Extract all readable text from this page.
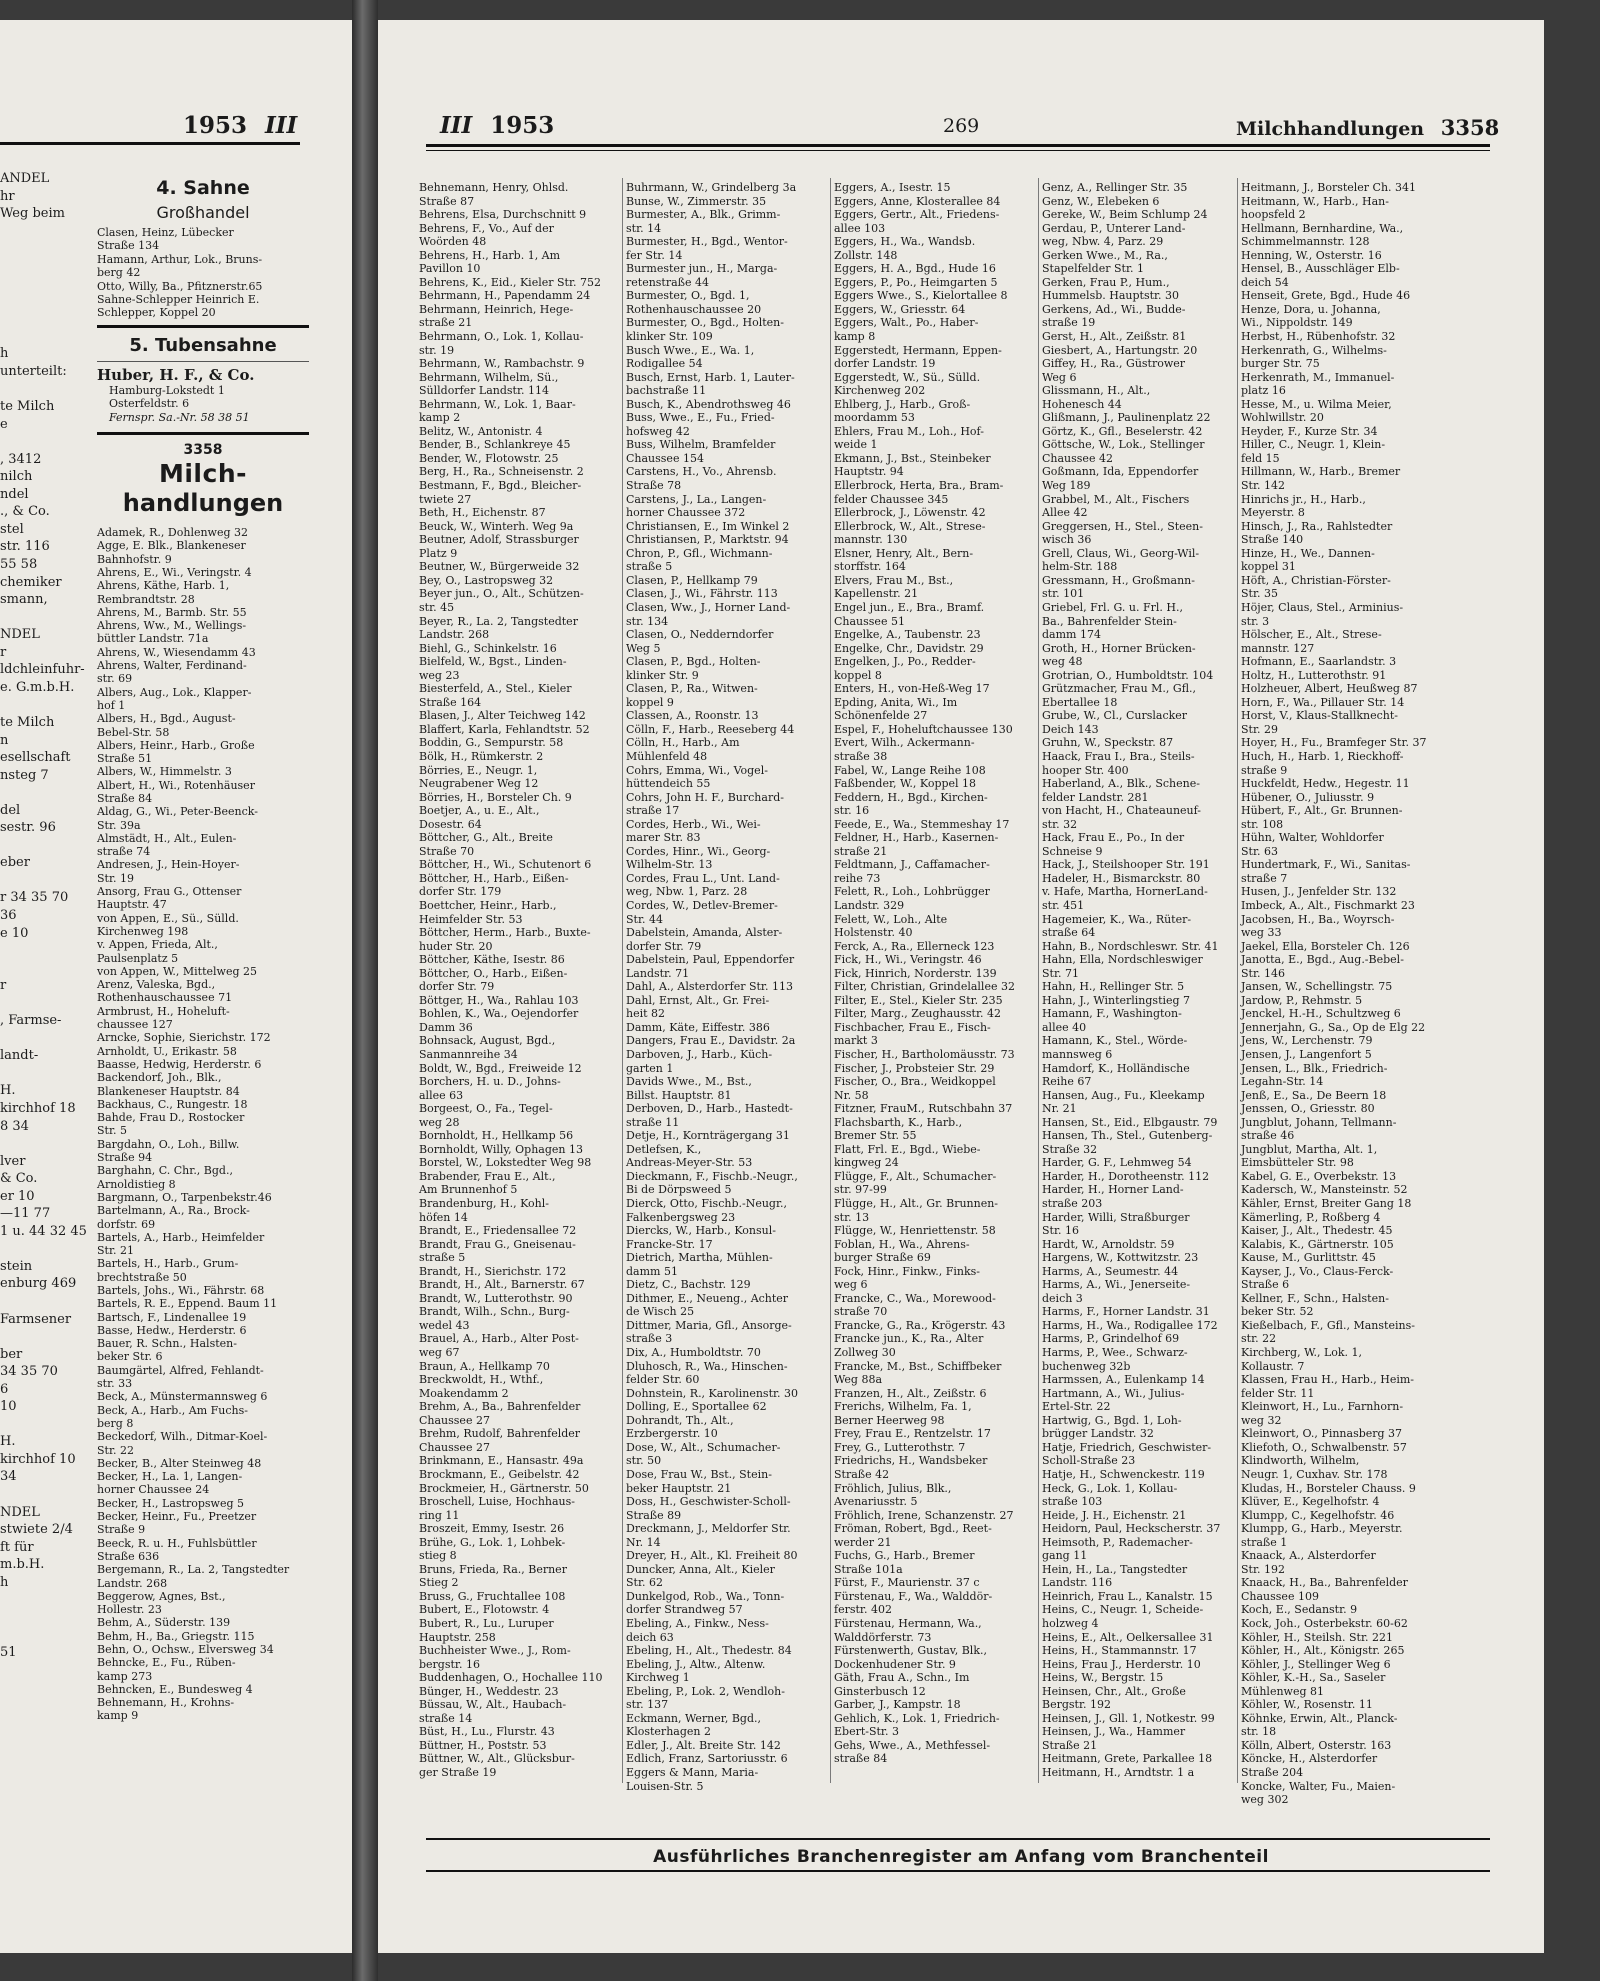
1953 III
ANDEL
hr
Weg beim

h
unterteilt:

te Milch
e

, 3412
nilch
ndel
., & Co.
stel
str. 116
55 58
chemiker
smann,

NDEL
r
ldchleinfuhr-
e. G.m.b.H.

te Milch
n
esellschaft
nsteg 7

del
sestr. 96

eber

r 34 35 70
36
e 10

r

, Farmse-

landt-

H.
kirchhof 18
8 34

lver
& Co.
er 10
—11 77
1 u. 44 32 45

stein
enburg 469

Farmsener

ber
34 35 70
6
10

H.
kirchhof 10
34

NDEL
stwiete 2/4
ft für
m.b.H.
h

51
4. Sahne
Großhandel
Clasen, Heinz, Lübecker
Straße 134
Hamann, Arthur, Lok., Bruns-
berg 42
Otto, Willy, Ba., Pfitznerstr.65
Sahne-Schlepper Heinrich E.
Schlepper, Koppel 20
5. Tubensahne
Huber, H. F., & Co.
Hamburg-Lokstedt 1
Osterfeldstr. 6
Fernspr. Sa.-Nr. 58 38 51
3358
Milch-
handlungen
Adamek, R., Dohlenweg 32
Agge, E. Blk., Blankeneser
Bahnhofstr. 9
Ahrens, E., Wi., Veringstr. 4
Ahrens, Käthe, Harb. 1,
Rembrandtstr. 28
Ahrens, M., Barmb. Str. 55
Ahrens, Ww., M., Wellings-
büttler Landstr. 71a
Ahrens, W., Wiesendamm 43
Ahrens, Walter, Ferdinand-
str. 69
Albers, Aug., Lok., Klapper-
hof 1
Albers, H., Bgd., August-
Bebel-Str. 58
Albers, Heinr., Harb., Große
Straße 51
Albers, W., Himmelstr. 3
Albert, H., Wi., Rotenhäuser
Straße 84
Aldag, G., Wi., Peter-Beenck-
Str. 39a
Almstädt, H., Alt., Eulen-
straße 74
Andresen, J., Hein-Hoyer-
Str. 19
Ansorg, Frau G., Ottenser
Hauptstr. 47
von Appen, E., Sü., Sülld.
Kirchenweg 198
v. Appen, Frieda, Alt.,
Paulsenplatz 5
von Appen, W., Mittelweg 25
Arenz, Valeska, Bgd.,
Rothenhauschaussee 71
Armbrust, H., Hoheluft-
chaussee 127
Arncke, Sophie, Sierichstr. 172
Arnholdt, U., Erikastr. 58
Baasse, Hedwig, Herderstr. 6
Backendorf, Joh., Blk.,
Blankeneser Hauptstr. 84
Backhaus, C., Rungestr. 18
Bahde, Frau D., Rostocker
Str. 5
Bargdahn, O., Loh., Billw.
Straße 94
Barghahn, C. Chr., Bgd.,
Arnoldistieg 8
Bargmann, O., Tarpenbekstr.46
Bartelmann, A., Ra., Brock-
dorfstr. 69
Bartels, A., Harb., Heimfelder
Str. 21
Bartels, H., Harb., Grum-
brechtstraße 50
Bartels, Johs., Wi., Fährstr. 68
Bartels, R. E., Eppend. Baum 11
Bartsch, F., Lindenallee 19
Basse, Hedw., Herderstr. 6
Bauer, R. Schn., Halsten-
beker Str. 6
Baumgärtel, Alfred, Fehlandt-
str. 33
Beck, A., Münstermannsweg 6
Beck, A., Harb., Am Fuchs-
berg 8
Beckedorf, Wilh., Ditmar-Koel-
Str. 22
Becker, B., Alter Steinweg 48
Becker, H., La. 1, Langen-
horner Chaussee 24
Becker, H., Lastropsweg 5
Becker, Heinr., Fu., Preetzer
Straße 9
Beeck, R. u. H., Fuhlsbüttler
Straße 636
Bergemann, R., La. 2, Tangstedter
Landstr. 268
Beggerow, Agnes, Bst.,
Hollestr. 23
Behm, A., Süderstr. 139
Behm, H., Ba., Griegstr. 115
Behn, O., Ochsw., Elversweg 34
Behncke, E., Fu., Rüben-
kamp 273
Behncken, E., Bundesweg 4
Behnemann, H., Krohns-
kamp 9
III 1953	269	Milchhandlungen 3358
Behnemann, Henry, Ohlsd.
Straße 87
Behrens, Elsa, Durchschnitt 9
Behrens, F., Vo., Auf der
Woörden 48
Behrens, H., Harb. 1, Am
Pavillon 10
Behrens, K., Eid., Kieler Str. 752
Behrmann, H., Papendamm 24
Behrmann, Heinrich, Hege-
straße 21
Behrmann, O., Lok. 1, Kollau-
str. 19
Behrmann, W., Rambachstr. 9
Behrmann, Wilhelm, Sü.,
Sülldorfer Landstr. 114
Behrmann, W., Lok. 1, Baar-
kamp 2
Belitz, W., Antonistr. 4
Bender, B., Schlankreye 45
Bender, W., Flotowstr. 25
Berg, H., Ra., Schneisenstr. 2
Bestmann, F., Bgd., Bleicher-
twiete 27
Beth, H., Eichenstr. 87
Beuck, W., Winterh. Weg 9a
Beutner, Adolf, Strassburger
Platz 9
Beutner, W., Bürgerweide 32
Bey, O., Lastropsweg 32
Beyer jun., O., Alt., Schützen-
str. 45
Beyer, R., La. 2, Tangstedter
Landstr. 268
Biehl, G., Schinkelstr. 16
Bielfeld, W., Bgst., Linden-
weg 23
Biesterfeld, A., Stel., Kieler
Straße 164
Blasen, J., Alter Teichweg 142
Blaffert, Karla, Fehlandtstr. 52
Boddin, G., Sempurstr. 58
Bölk, H., Rümkerstr. 2
Börries, E., Neugr. 1,
Neugrabener Weg 12
Börries, H., Borsteler Ch. 9
Boetjer, A., u. E., Alt.,
Dosestr. 64
Böttcher, G., Alt., Breite
Straße 70
Böttcher, H., Wi., Schutenort 6
Böttcher, H., Harb., Eißen-
dorfer Str. 179
Boettcher, Heinr., Harb.,
Heimfelder Str. 53
Böttcher, Herm., Harb., Buxte-
huder Str. 20
Böttcher, Käthe, Isestr. 86
Böttcher, O., Harb., Eißen-
dorfer Str. 79
Böttger, H., Wa., Rahlau 103
Bohlen, K., Wa., Oejendorfer
Damm 36
Bohnsack, August, Bgd.,
Sanmannreihe 34
Boldt, W., Bgd., Freiweide 12
Borchers, H. u. D., Johns-
allee 63
Borgeest, O., Fa., Tegel-
weg 28
Bornholdt, H., Hellkamp 56
Bornholdt, Willy, Ophagen 13
Borstel, W., Lokstedter Weg 98
Brabender, Frau E., Alt.,
Am Brunnenhof 5
Brandenburg, H., Kohl-
höfen 14
Brandt, E., Friedensallee 72
Brandt, Frau G., Gneisenau-
straße 5
Brandt, H., Sierichstr. 172
Brandt, H., Alt., Barnerstr. 67
Brandt, W., Lutterothstr. 90
Brandt, Wilh., Schn., Burg-
wedel 43
Brauel, A., Harb., Alter Post-
weg 67
Braun, A., Hellkamp 70
Breckwoldt, H., Wthf.,
Moakendamm 2
Brehm, A., Ba., Bahrenfelder
Chaussee 27
Brehm, Rudolf, Bahrenfelder
Chaussee 27
Brinkmann, E., Hansastr. 49a
Brockmann, E., Geibelstr. 42
Brockmeier, H., Gärtnerstr. 50
Broschell, Luise, Hochhaus-
ring 11
Broszeit, Emmy, Isestr. 26
Brühe, G., Lok. 1, Lohbek-
stieg 8
Bruns, Frieda, Ra., Berner
Stieg 2
Bruss, G., Fruchtallee 108
Bubert, E., Flotowstr. 4
Bubert, R., Lu., Luruper
Hauptstr. 258
Buchheister Wwe., J., Rom-
bergstr. 16
Buddenhagen, O., Hochallee 110
Bünger, H., Weddestr. 23
Büssau, W., Alt., Haubach-
straße 14
Büst, H., Lu., Flurstr. 43
Büttner, H., Poststr. 53
Büttner, W., Alt., Glücksbur-
ger Straße 19
Buhrmann, W., Grindelberg 3a
Bunse, W., Zimmerstr. 35
Burmester, A., Blk., Grimm-
str. 14
Burmester, H., Bgd., Wentor-
fer Str. 14
Burmester jun., H., Marga-
retenstraße 44
Burmester, O., Bgd. 1,
Rothenhauschaussee 20
Burmester, O., Bgd., Holten-
klinker Str. 109
Busch Wwe., E., Wa. 1,
Rodigallee 54
Busch, Ernst, Harb. 1, Lauter-
bachstraße 11
Busch, K., Abendrothsweg 46
Buss, Wwe., E., Fu., Fried-
hofsweg 42
Buss, Wilhelm, Bramfelder
Chaussee 154
Carstens, H., Vo., Ahrensb.
Straße 78
Carstens, J., La., Langen-
horner Chaussee 372
Christiansen, E., Im Winkel 2
Christiansen, P., Marktstr. 94
Chron, P., Gfl., Wichmann-
straße 5
Clasen, P., Hellkamp 79
Clasen, J., Wi., Fährstr. 113
Clasen, Ww., J., Horner Land-
str. 134
Clasen, O., Nedderndorfer
Weg 5
Clasen, P., Bgd., Holten-
klinker Str. 9
Clasen, P., Ra., Witwen-
koppel 9
Classen, A., Roonstr. 13
Cölln, F., Harb., Reeseberg 44
Cölln, H., Harb., Am
Mühlenfeld 48
Cohrs, Emma, Wi., Vogel-
hüttendeich 55
Cohrs, John H. F., Burchard-
straße 17
Cordes, Herb., Wi., Wei-
marer Str. 83
Cordes, Hinr., Wi., Georg-
Wilhelm-Str. 13
Cordes, Frau L., Unt. Land-
weg, Nbw. 1, Parz. 28
Cordes, W., Detlev-Bremer-
Str. 44
Dabelstein, Amanda, Alster-
dorfer Str. 79
Dabelstein, Paul, Eppendorfer
Landstr. 71
Dahl, A., Alsterdorfer Str. 113
Dahl, Ernst, Alt., Gr. Frei-
heit 82
Damm, Käte, Eiffestr. 386
Dangers, Frau E., Davidstr. 2a
Darboven, J., Harb., Küch-
garten 1
Davids Wwe., M., Bst.,
Billst. Hauptstr. 81
Derboven, D., Harb., Hastedt-
straße 11
Detje, H., Kornträgergang 31
Detlefsen, K.,
Andreas-Meyer-Str. 53
Dieckmann, F., Fischb.-Neugr.,
Bi de Dörpsweed 5
Dierck, Otto, Fischb.-Neugr.,
Falkenbergsweg 23
Diercks, W., Harb., Konsul-
Francke-Str. 17
Dietrich, Martha, Mühlen-
damm 51
Dietz, C., Bachstr. 129
Dithmer, E., Neueng., Achter
de Wisch 25
Dittmer, Maria, Gfl., Ansorge-
straße 3
Dix, A., Humboldtstr. 70
Dluhosch, R., Wa., Hinschen-
felder Str. 60
Dohnstein, R., Karolinenstr. 30
Dolling, E., Sportallee 62
Dohrandt, Th., Alt.,
Erzbergerstr. 10
Dose, W., Alt., Schumacher-
str. 50
Dose, Frau W., Bst., Stein-
beker Hauptstr. 21
Doss, H., Geschwister-Scholl-
Straße 89
Dreckmann, J., Meldorfer Str.
Nr. 14
Dreyer, H., Alt., Kl. Freiheit 80
Duncker, Anna, Alt., Kieler
Str. 62
Dunkelgod, Rob., Wa., Tonn-
dorfer Strandweg 57
Ebeling, A., Finkw., Ness-
deich 63
Ebeling, H., Alt., Thedestr. 84
Ebeling, J., Altw., Altenw.
Kirchweg 1
Ebeling, P., Lok. 2, Wendloh-
str. 137
Eckmann, Werner, Bgd.,
Klosterhagen 2
Edler, J., Alt. Breite Str. 142
Edlich, Franz, Sartoriusstr. 6
Eggers & Mann, Maria-
Louisen-Str. 5
Eggers, A., Isestr. 15
Eggers, Anne, Klosterallee 84
Eggers, Gertr., Alt., Friedens-
allee 103
Eggers, H., Wa., Wandsb.
Zollstr. 148
Eggers, H. A., Bgd., Hude 16
Eggers, P., Po., Heimgarten 5
Eggers Wwe., S., Kielortallee 8
Eggers, W., Griesstr. 64
Eggers, Walt., Po., Haber-
kamp 8
Eggerstedt, Hermann, Eppen-
dorfer Landstr. 19
Eggerstedt, W., Sü., Sülld.
Kirchenweg 202
Ehlberg, J., Harb., Groß-
moordamm 53
Ehlers, Frau M., Loh., Hof-
weide 1
Ekmann, J., Bst., Steinbeker
Hauptstr. 94
Ellerbrock, Herta, Bra., Bram-
felder Chaussee 345
Ellerbrock, J., Löwenstr. 42
Ellerbrock, W., Alt., Strese-
mannstr. 130
Elsner, Henry, Alt., Bern-
storffstr. 164
Elvers, Frau M., Bst.,
Kapellenstr. 21
Engel jun., E., Bra., Bramf.
Chaussee 51
Engelke, A., Taubenstr. 23
Engelke, Chr., Davidstr. 29
Engelken, J., Po., Redder-
koppel 8
Enters, H., von-Heß-Weg 17
Epding, Anita, Wi., Im
Schönenfelde 27
Espel, F., Hoheluftchaussee 130
Evert, Wilh., Ackermann-
straße 38
Fabel, W., Lange Reihe 108
Faßbender, W., Koppel 18
Feddern, H., Bgd., Kirchen-
str. 16
Feede, E., Wa., Stemmeshay 17
Feldner, H., Harb., Kasernen-
straße 21
Feldtmann, J., Caffamacher-
reihe 73
Felett, R., Loh., Lohbrügger
Landstr. 329
Felett, W., Loh., Alte
Holstenstr. 40
Ferck, A., Ra., Ellerneck 123
Fick, H., Wi., Veringstr. 46
Fick, Hinrich, Norderstr. 139
Filter, Christian, Grindelallee 32
Filter, E., Stel., Kieler Str. 235
Filter, Marg., Zeughausstr. 42
Fischbacher, Frau E., Fisch-
markt 3
Fischer, H., Bartholomäusstr. 73
Fischer, J., Probsteier Str. 29
Fischer, O., Bra., Weidkoppel
Nr. 58
Fitzner, FrauM., Rutschbahn 37
Flachsbarth, K., Harb.,
Bremer Str. 55
Flatt, Frl. E., Bgd., Wiebe-
kingweg 24
Flügge, F., Alt., Schumacher-
str. 97-99
Flügge, H., Alt., Gr. Brunnen-
str. 13
Flügge, W., Henriettenstr. 58
Foblan, H., Wa., Ahrens-
burger Straße 69
Fock, Hinr., Finkw., Finks-
weg 6
Francke, C., Wa., Morewood-
straße 70
Francke, G., Ra., Krögerstr. 43
Francke jun., K., Ra., Alter
Zollweg 30
Francke, M., Bst., Schiffbeker
Weg 88a
Franzen, H., Alt., Zeißstr. 6
Frerichs, Wilhelm, Fa. 1,
Berner Heerweg 98
Frey, Frau E., Rentzelstr. 17
Frey, G., Lutterothstr. 7
Friedrichs, H., Wandsbeker
Straße 42
Fröhlich, Julius, Blk.,
Avenariusstr. 5
Fröhlich, Irene, Schanzenstr. 27
Fröman, Robert, Bgd., Reet-
werder 21
Fuchs, G., Harb., Bremer
Straße 101a
Fürst, F., Maurienstr. 37 c
Fürstenau, F., Wa., Walddör-
ferstr. 402
Fürstenau, Hermann, Wa.,
Walddörferstr. 73
Fürstenwerth, Gustav, Blk.,
Dockenhudener Str. 9
Gäth, Frau A., Schn., Im
Ginsterbusch 12
Garber, J., Kampstr. 18
Gehlich, K., Lok. 1, Friedrich-
Ebert-Str. 3
Gehs, Wwe., A., Methfessel-
straße 84
Genz, A., Rellinger Str. 35
Genz, W., Elebeken 6
Gereke, W., Beim Schlump 24
Gerdau, P., Unterer Land-
weg, Nbw. 4, Parz. 29
Gerken Wwe., M., Ra.,
Stapelfelder Str. 1
Gerken, Frau P., Hum.,
Hummelsb. Hauptstr. 30
Gerkens, Ad., Wi., Budde-
straße 19
Gerst, H., Alt., Zeißstr. 81
Giesbert, A., Hartungstr. 20
Giffey, H., Ra., Güstrower
Weg 6
Glissmann, H., Alt.,
Hohenesch 44
Glißmann, J., Paulinenplatz 22
Görtz, K., Gfl., Beselerstr. 42
Göttsche, W., Lok., Stellinger
Chaussee 42
Goßmann, Ida, Eppendorfer
Weg 189
Grabbel, M., Alt., Fischers
Allee 42
Greggersen, H., Stel., Steen-
wisch 36
Grell, Claus, Wi., Georg-Wil-
helm-Str. 188
Gressmann, H., Großmann-
str. 101
Griebel, Frl. G. u. Frl. H.,
Ba., Bahrenfelder Stein-
damm 174
Groth, H., Horner Brücken-
weg 48
Grotrian, O., Humboldtstr. 104
Grützmacher, Frau M., Gfl.,
Ebertallee 18
Grube, W., Cl., Curslacker
Deich 143
Gruhn, W., Speckstr. 87
Haack, Frau I., Bra., Steils-
hooper Str. 400
Haberland, A., Blk., Schene-
felder Landstr. 281
von Hacht, H., Chateauneuf-
str. 32
Hack, Frau E., Po., In der
Schneise 9
Hack, J., Steilshooper Str. 191
Hadeler, H., Bismarckstr. 80
v. Hafe, Martha, HornerLand-
str. 451
Hagemeier, K., Wa., Rüter-
straße 64
Hahn, B., Nordschleswr. Str. 41
Hahn, Ella, Nordschleswiger
Str. 71
Hahn, H., Rellinger Str. 5
Hahn, J., Winterlingstieg 7
Hamann, F., Washington-
allee 40
Hamann, K., Stel., Wörde-
mannsweg 6
Hamdorf, K., Holländische
Reihe 67
Hansen, Aug., Fu., Kleekamp
Nr. 21
Hansen, St., Eid., Elbgaustr. 79
Hansen, Th., Stel., Gutenberg-
Straße 32
Harder, G. F., Lehmweg 54
Harder, H., Dorotheenstr. 112
Harder, H., Horner Land-
straße 203
Harder, Willi, Straßburger
Str. 16
Hardt, W., Arnoldstr. 59
Hargens, W., Kottwitzstr. 23
Harms, A., Seumestr. 44
Harms, A., Wi., Jenerseite-
deich 3
Harms, F., Horner Landstr. 31
Harms, H., Wa., Rodigallee 172
Harms, P., Grindelhof 69
Harms, P., Wee., Schwarz-
buchenweg 32b
Harmssen, A., Eulenkamp 14
Hartmann, A., Wi., Julius-
Ertel-Str. 22
Hartwig, G., Bgd. 1, Loh-
brügger Landstr. 32
Hatje, Friedrich, Geschwister-
Scholl-Straße 23
Hatje, H., Schwenckestr. 119
Heck, G., Lok. 1, Kollau-
straße 103
Heide, J. H., Eichenstr. 21
Heidorn, Paul, Heckscherstr. 37
Heimsoth, P., Rademacher-
gang 11
Hein, H., La., Tangstedter
Landstr. 116
Heinrich, Frau L., Kanalstr. 15
Heins, C., Neugr. 1, Scheide-
holzweg 4
Heins, E., Alt., Oelkersallee 31
Heins, H., Stammannstr. 17
Heins, Frau J., Herderstr. 10
Heins, W., Bergstr. 15
Heinsen, Chr., Alt., Große
Bergstr. 192
Heinsen, J., Gll. 1, Notkestr. 99
Heinsen, J., Wa., Hammer
Straße 21
Heitmann, Grete, Parkallee 18
Heitmann, H., Arndtstr. 1 a
Heitmann, J., Borsteler Ch. 341
Heitmann, W., Harb., Han-
hoopsfeld 2
Hellmann, Bernhardine, Wa.,
Schimmelmannstr. 128
Henning, W., Osterstr. 16
Hensel, B., Ausschläger Elb-
deich 54
Henseit, Grete, Bgd., Hude 46
Henze, Dora, u. Johanna,
Wi., Nippoldstr. 149
Herbst, H., Rübenhofstr. 32
Herkenrath, G., Wilhelms-
burger Str. 75
Herkenrath, M., Immanuel-
platz 16
Hesse, M., u. Wilma Meier,
Wohlwillstr. 20
Heyder, F., Kurze Str. 34
Hiller, C., Neugr. 1, Klein-
feld 15
Hillmann, W., Harb., Bremer
Str. 142
Hinrichs jr., H., Harb.,
Meyerstr. 8
Hinsch, J., Ra., Rahlstedter
Straße 140
Hinze, H., We., Dannen-
koppel 31
Höft, A., Christian-Förster-
Str. 35
Höjer, Claus, Stel., Arminius-
str. 3
Hölscher, E., Alt., Strese-
mannstr. 127
Hofmann, E., Saarlandstr. 3
Holtz, H., Lutterothstr. 91
Holzheuer, Albert, Heußweg 87
Horn, F., Wa., Pillauer Str. 14
Horst, V., Klaus-Stallknecht-
Str. 29
Hoyer, H., Fu., Bramfeger Str. 37
Huch, H., Harb. 1, Rieckhoff-
straße 9
Huckfeldt, Hedw., Hegestr. 11
Hübener, O., Juliusstr. 9
Hübert, F., Alt., Gr. Brunnen-
str. 108
Hühn, Walter, Wohldorfer
Str. 63
Hundertmark, F., Wi., Sanitas-
straße 7
Husen, J., Jenfelder Str. 132
Imbeck, A., Alt., Fischmarkt 23
Jacobsen, H., Ba., Woyrsch-
weg 33
Jaekel, Ella, Borsteler Ch. 126
Janotta, E., Bgd., Aug.-Bebel-
Str. 146
Jansen, W., Schellingstr. 75
Jardow, P., Rehmstr. 5
Jenckel, H.-H., Schultzweg 6
Jennerjahn, G., Sa., Op de Elg 22
Jens, W., Lerchenstr. 79
Jensen, J., Langenfort 5
Jensen, L., Blk., Friedrich-
Legahn-Str. 14
Jenß, E., Sa., De Beern 18
Jenssen, O., Griesstr. 80
Jungblut, Johann, Tellmann-
straße 46
Jungblut, Martha, Alt. 1,
Eimsbütteler Str. 98
Kabel, G. E., Overbekstr. 13
Kadersch, W., Mansteinstr. 52
Kähler, Ernst, Breiter Gang 18
Kämerling, P., Roßberg 4
Kaiser, J., Alt., Thedestr. 45
Kalabis, K., Gärtnerstr. 105
Kause, M., Gurlittstr. 45
Kayser, J., Vo., Claus-Ferck-
Straße 6
Kellner, F., Schn., Halsten-
beker Str. 52
Kießelbach, F., Gfl., Mansteins-
str. 22
Kirchberg, W., Lok. 1,
Kollaustr. 7
Klassen, Frau H., Harb., Heim-
felder Str. 11
Kleinwort, H., Lu., Farnhorn-
weg 32
Kleinwort, O., Pinnasberg 37
Kliefoth, O., Schwalbenstr. 57
Klindworth, Wilhelm,
Neugr. 1, Cuxhav. Str. 178
Kludas, H., Borsteler Chauss. 9
Klüver, E., Kegelhofstr. 4
Klumpp, C., Kegelhofstr. 46
Klumpp, G., Harb., Meyerstr.
straße 1
Knaack, A., Alsterdorfer
Str. 192
Knaack, H., Ba., Bahrenfelder
Chaussee 109
Koch, E., Sedanstr. 9
Kock, Joh., Osterbekstr. 60-62
Köhler, H., Steilsh. Str. 221
Köhler, H., Alt., Königstr. 265
Köhler, J., Stellinger Weg 6
Köhler, K.-H., Sa., Saseler
Mühlenweg 81
Köhler, W., Rosenstr. 11
Köhnke, Erwin, Alt., Planck-
str. 18
Kölln, Albert, Osterstr. 163
Köncke, H., Alsterdorfer
Straße 204
Koncke, Walter, Fu., Maien-
weg 302
Ausführliches Branchenregister am Anfang vom Branchenteil
